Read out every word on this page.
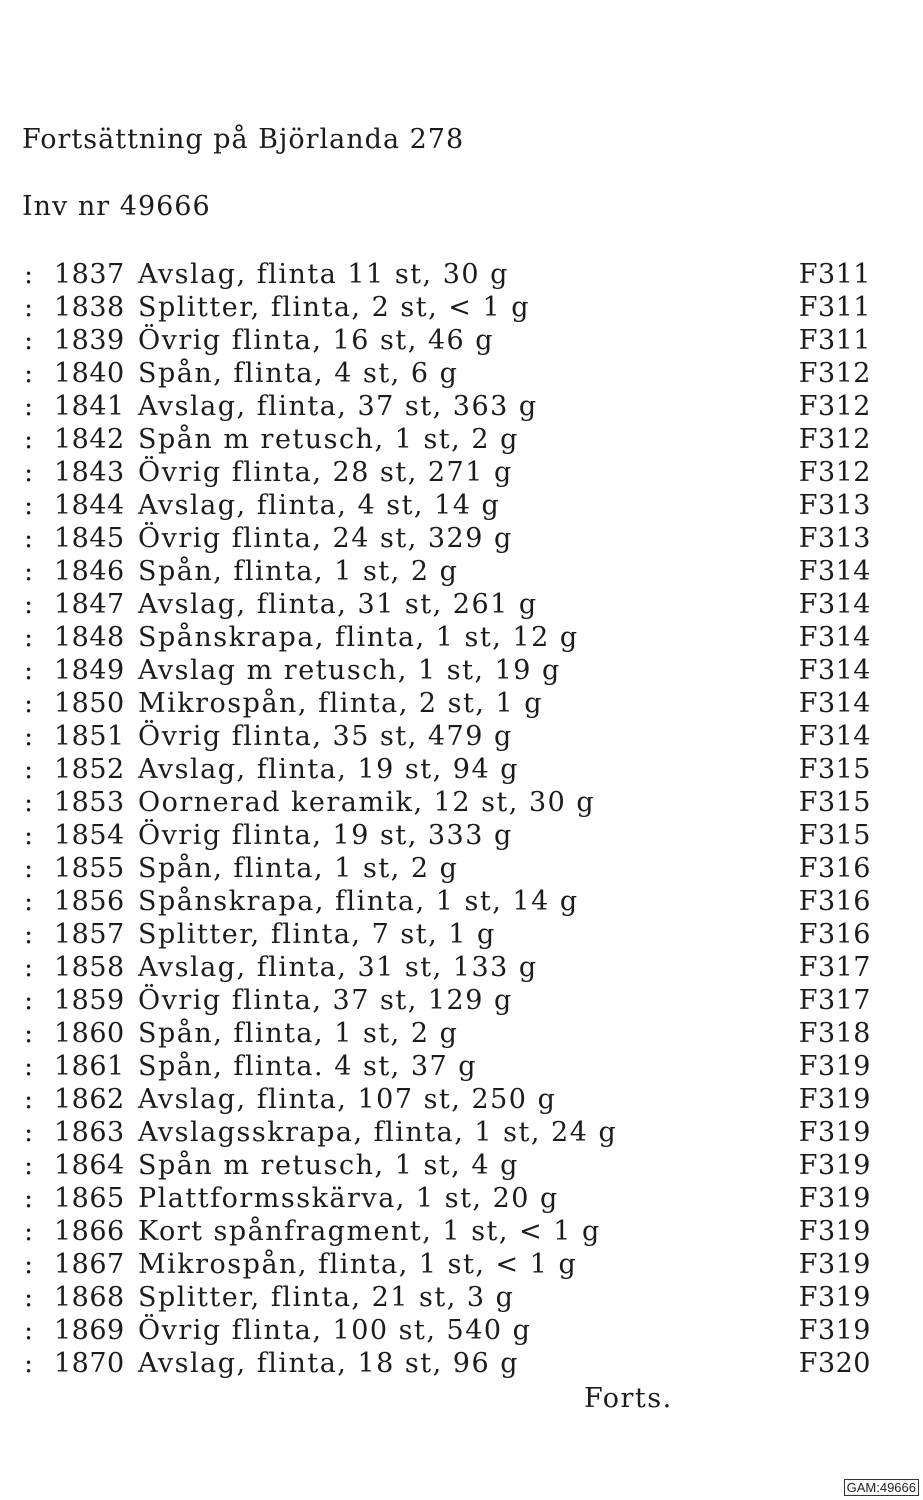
Fortsättning på Björlanda 278
Inv nr 49666
: 1837 Avslag, flinta 11 st, 30 g	F311
: 1838 Splitter, flinta, 2 st, < 1 g	F311
: 1839 Övrig flinta, 16 st, 46 g	F311
: 1840 Spån, flinta, 4 st, 6 g	F312
: 1841 Avslag, flinta, 37 st, 363 g	F312
: 1842 Spån m retusch, 1 st, 2 g	F312
: 1843 Övrig flinta, 28 st, 271 g	F312
: 1844 Avslag, flinta, 4 st, 14 g	F313
: 1845 Övrig flinta, 24 st, 329 g	F313
: 1846 Spån, flinta, 1 st, 2 g	F314
: 1847 Avslag, flinta, 31 st, 261 g	F314
: 1848 Spånskrapa, flinta, 1 st, 12 g	F314
: 1849 Avslag m retusch, 1 st, 19 g	F314
: 1850 Mikrospån, flinta, 2 st, 1 g	F314
: 1851 Övrig flinta, 35 st, 479 g	F314
: 1852 Avslag, flinta, 19 st, 94 g	F315
: 1853 Oornerad keramik, 12 st, 30 g	F315
: 1854 Övrig flinta, 19 st, 333 g	F315
: 1855 Spån, flinta, 1 st, 2 g	F316
: 1856 Spånskrapa, flinta, 1 st, 14 g	F316
: 1857 Splitter, flinta, 7 st, 1 g	F316
: 1858 Avslag, flinta, 31 st, 133 g	F317
: 1859 Övrig flinta, 37 st, 129 g	F317
: 1860 Spån, flinta, 1 st, 2 g	F318
: 1861 Spån, flinta. 4 st, 37 g	F319
: 1862 Avslag, flinta, 107 st, 250 g	F319
: 1863 Avslagsskrapa, flinta, 1 st, 24 g	F319
: 1864 Spån m retusch, 1 st, 4 g	F319
: 1865 Plattformsskärva, 1 st, 20 g	F319
: 1866 Kort spånfragment, 1 st, < 1 g	F319
: 1867 Mikrospån, flinta, 1 st, < 1 g	F319
: 1868 Splitter, flinta, 21 st, 3 g	F319
: 1869 Övrig flinta, 100 st, 540 g	F319
: 1870 Avslag, flinta, 18 st, 96 g	F320
Forts.
GAM:49666
